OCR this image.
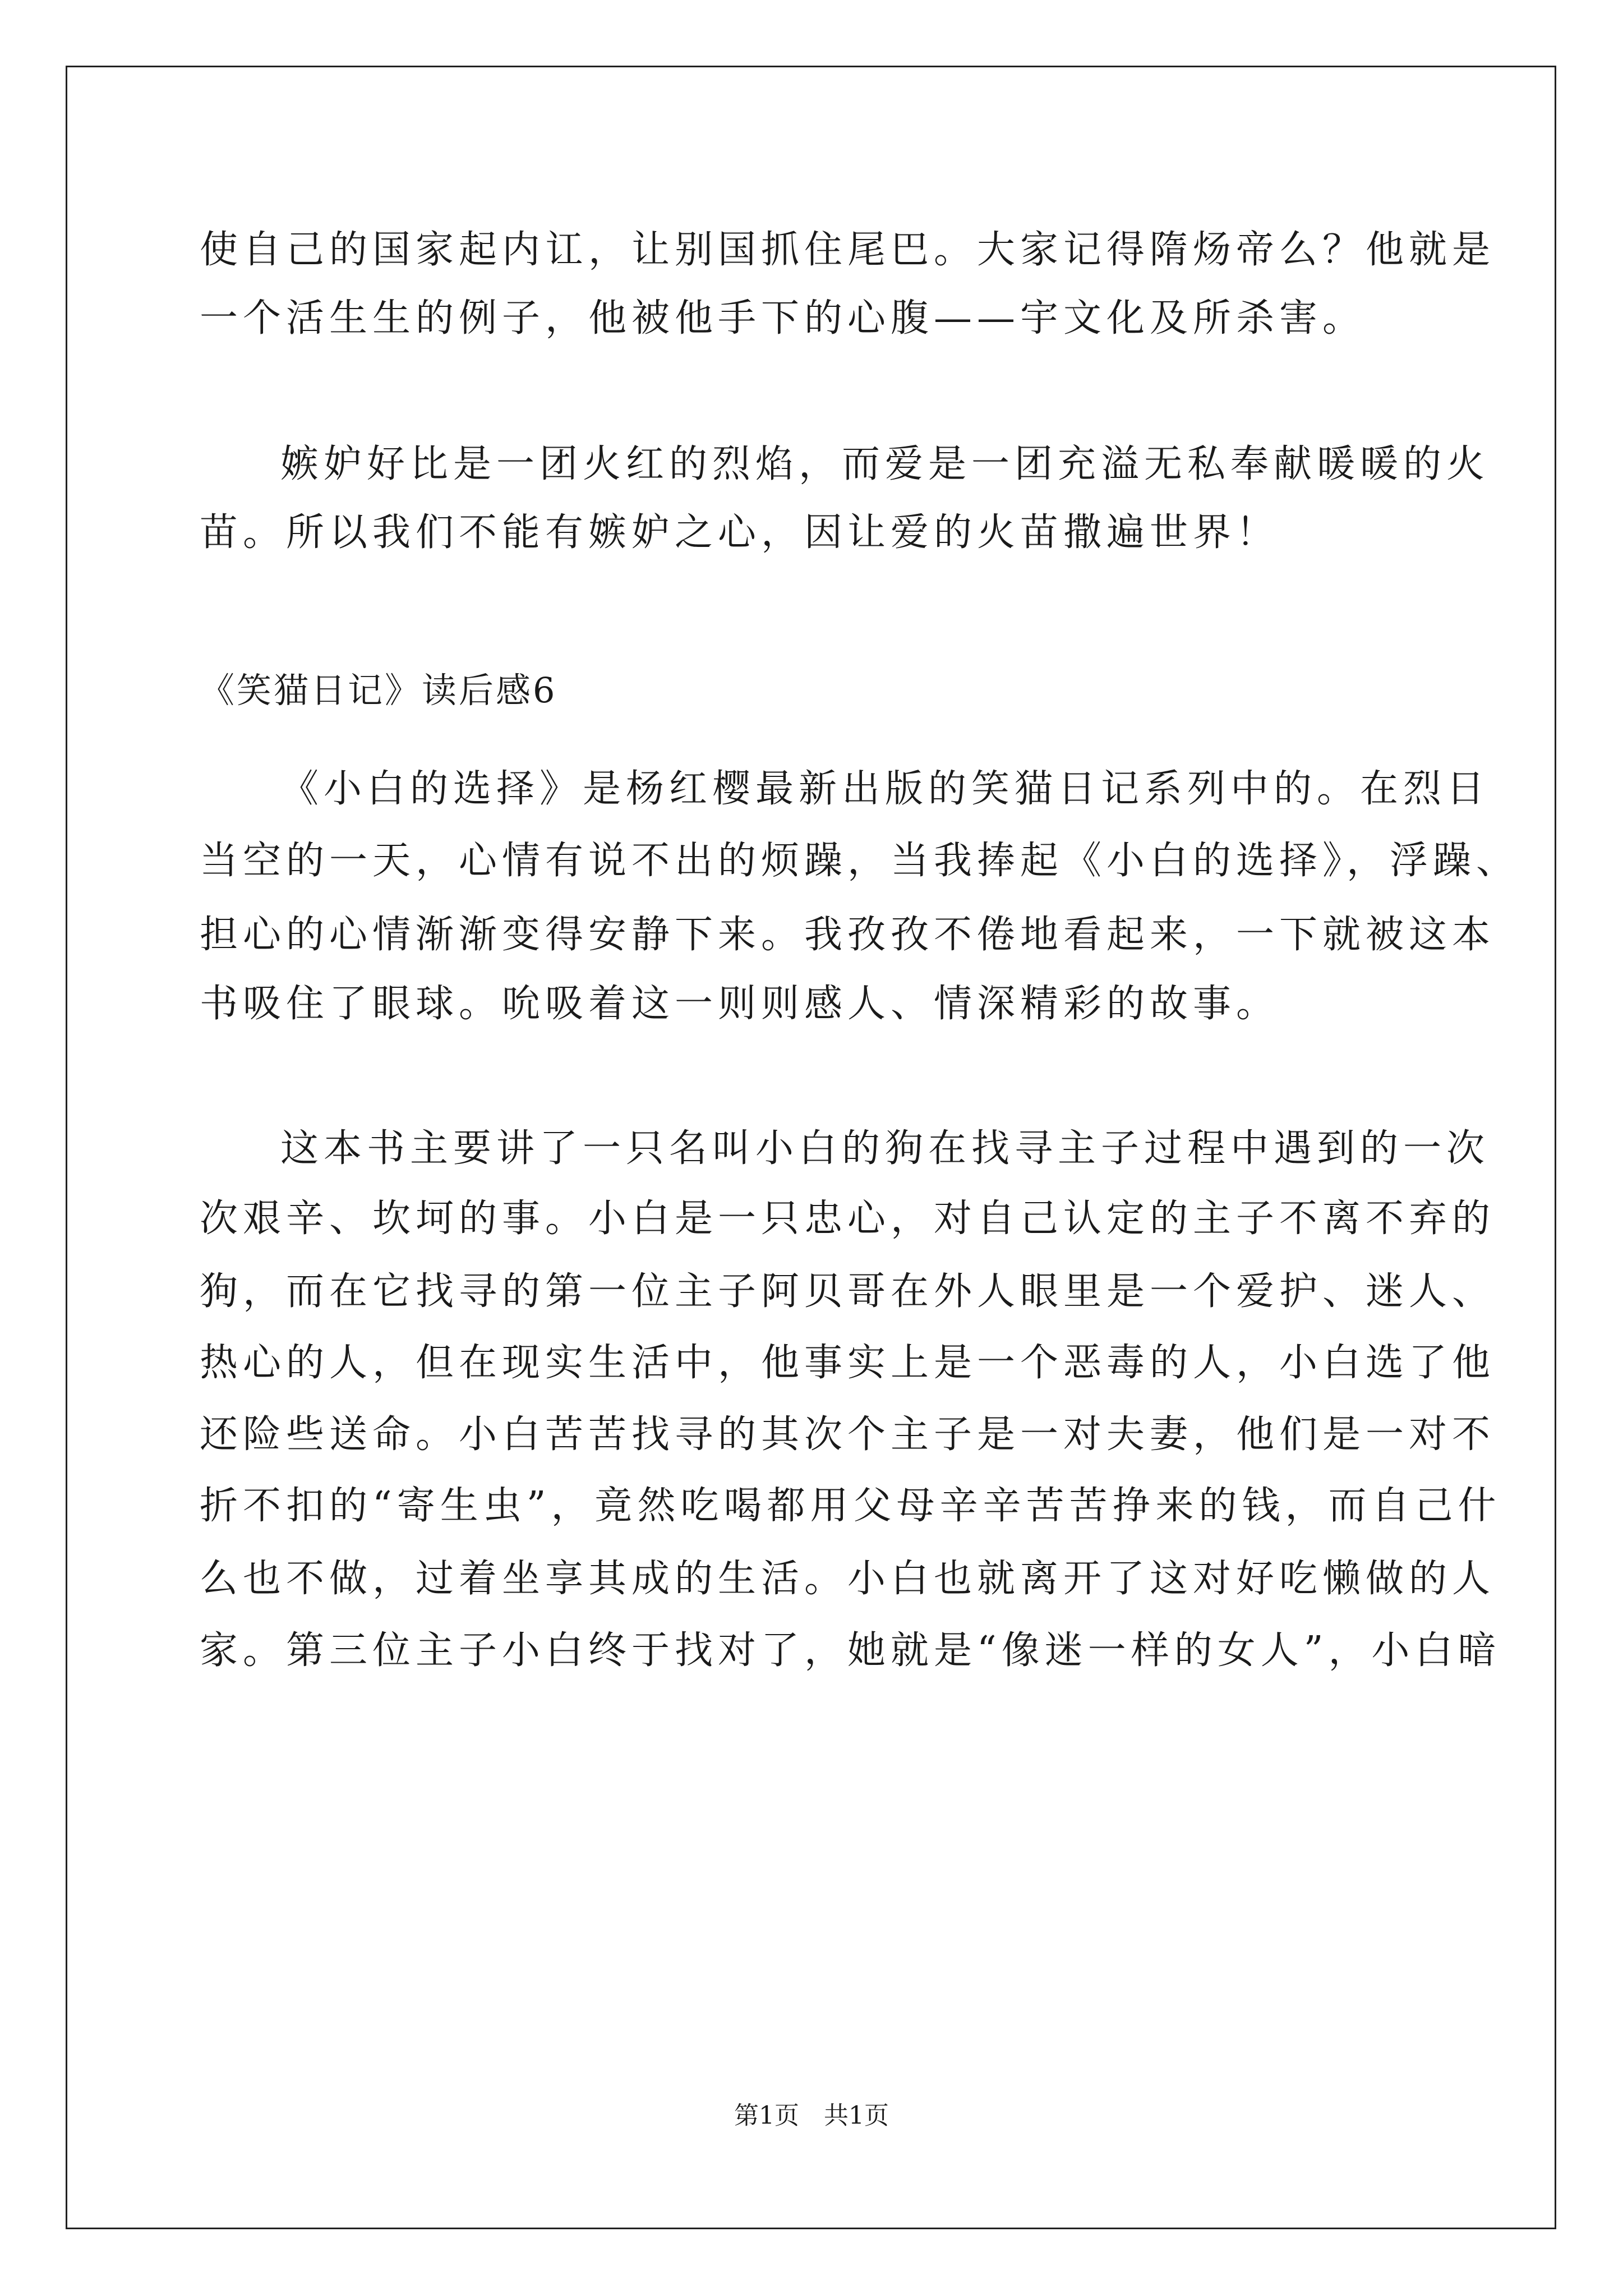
使自己的国家起内讧，让别国抓住尾巴。大家记得隋炀帝么？他就是
一个活生生的例子，他被他手下的心腹——宇文化及所杀害。
嫉妒好比是一团火红的烈焰，而爱是一团充溢无私奉献暖暖的火
苗。所以我们不能有嫉妒之心，因让爱的火苗撒遍世界！
《笑猫日记》读后感6
《小白的选择》是杨红樱最新出版的笑猫日记系列中的。在烈日
当空的一天，心情有说不出的烦躁，当我捧起《小白的选择》，浮躁、
担心的心情渐渐变得安静下来。我孜孜不倦地看起来，一下就被这本
书吸住了眼球。吮吸着这一则则感人、情深精彩的故事。
这本书主要讲了一只名叫小白的狗在找寻主子过程中遇到的一次
次艰辛、坎坷的事。小白是一只忠心，对自己认定的主子不离不弃的
狗，而在它找寻的第一位主子阿贝哥在外人眼里是一个爱护、迷人、
热心的人，但在现实生活中，他事实上是一个恶毒的人，小白选了他
还险些送命。小白苦苦找寻的其次个主子是一对夫妻，他们是一对不
折不扣的“寄生虫”，竟然吃喝都用父母辛辛苦苦挣来的钱，而自己什
么也不做，过着坐享其成的生活。小白也就离开了这对好吃懒做的人
家。第三位主子小白终于找对了，她就是“像迷一样的女人”，小白暗
第1页　共1页
